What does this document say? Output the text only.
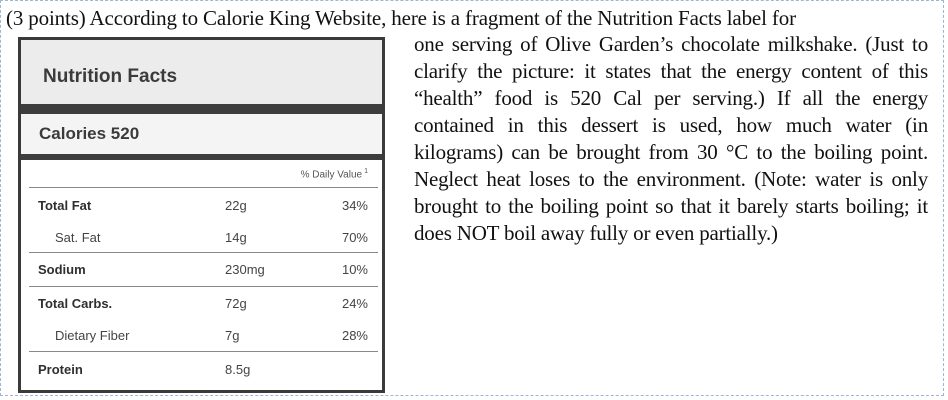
(3 points) According to Calorie King Website, here is a fragment of the Nutrition Facts label for
Nutrition Facts
Calories 520
% Daily Value $^1$
Total Fat	22g	34%
Sat. Fat	14g	70%
Sodium	230mg	10%
Total Carbs.	72g	24%
Dietary Fiber	7g	28%
Protein	8.5g
one serving of Olive Garden’s chocolate milkshake. (Just to clarify the picture: it states that the energy content of this “health” food is 520 Cal per serving.) If all the energy contained in this dessert is used, how much water (in kilograms) can be brought from 30 °C to the boiling point. Neglect heat loses to the environment. (Note: water is only brought to the boiling point so that it barely starts boiling; it does NOT boil away fully or even partially.)
